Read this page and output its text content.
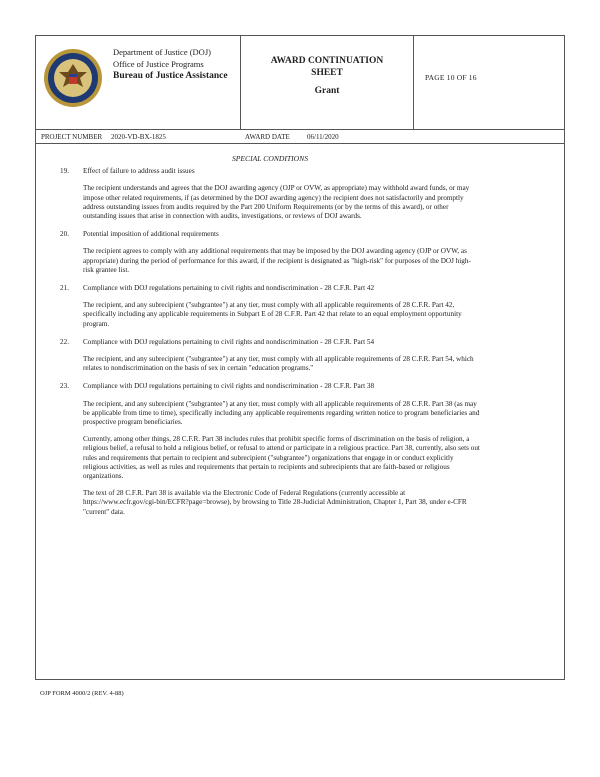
Department of Justice (DOJ)
Office of Justice Programs
Bureau of Justice Assistance
AWARD CONTINUATION
SHEET
Grant
PAGE 10 OF 16
PROJECT NUMBER 2020-VD-BX-1825	AWARD DATE 06/11/2020
SPECIAL CONDITIONS
19. Effect of failure to address audit issues
The recipient understands and agrees that the DOJ awarding agency (OJP or OVW, as appropriate) may withhold award funds, or may impose other related requirements, if (as determined by the DOJ awarding agency) the recipient does not satisfactorily and promptly address outstanding issues from audits required by the Part 200 Uniform Requirements (or by the terms of this award), or other outstanding issues that arise in connection with audits, investigations, or reviews of DOJ awards.
20. Potential imposition of additional requirements
The recipient agrees to comply with any additional requirements that may be imposed by the DOJ awarding agency (OJP or OVW, as appropriate) during the period of performance for this award, if the recipient is designated as "high-risk" for purposes of the DOJ high-risk grantee list.
21. Compliance with DOJ regulations pertaining to civil rights and nondiscrimination - 28 C.F.R. Part 42
The recipient, and any subrecipient ("subgrantee") at any tier, must comply with all applicable requirements of 28 C.F.R. Part 42, specifically including any applicable requirements in Subpart E of 28 C.F.R. Part 42 that relate to an equal employment opportunity program.
22. Compliance with DOJ regulations pertaining to civil rights and nondiscrimination - 28 C.F.R. Part 54
The recipient, and any subrecipient ("subgrantee") at any tier, must comply with all applicable requirements of 28 C.F.R. Part 54, which relates to nondiscrimination on the basis of sex in certain "education programs."
23. Compliance with DOJ regulations pertaining to civil rights and nondiscrimination - 28 C.F.R. Part 38
The recipient, and any subrecipient ("subgrantee") at any tier, must comply with all applicable requirements of 28 C.F.R. Part 38 (as may be applicable from time to time), specifically including any applicable requirements regarding written notice to program beneficiaries and prospective program beneficiaries.
Currently, among other things, 28 C.F.R. Part 38 includes rules that prohibit specific forms of discrimination on the basis of religion, a religious belief, a refusal to hold a religious belief, or refusal to attend or participate in a religious practice. Part 38, currently, also sets out rules and requirements that pertain to recipient and subrecipient ("subgrantee") organizations that engage in or conduct explicitly religious activities, as well as rules and requirements that pertain to recipients and subrecipients that are faith-based or religious organizations.
The text of 28 C.F.R. Part 38 is available via the Electronic Code of Federal Regulations (currently accessible at https://www.ecfr.gov/cgi-bin/ECFR?page=browse), by browsing to Title 28-Judicial Administration, Chapter 1, Part 38, under e-CFR "current" data.
OJP FORM 4000/2 (REV. 4-88)
